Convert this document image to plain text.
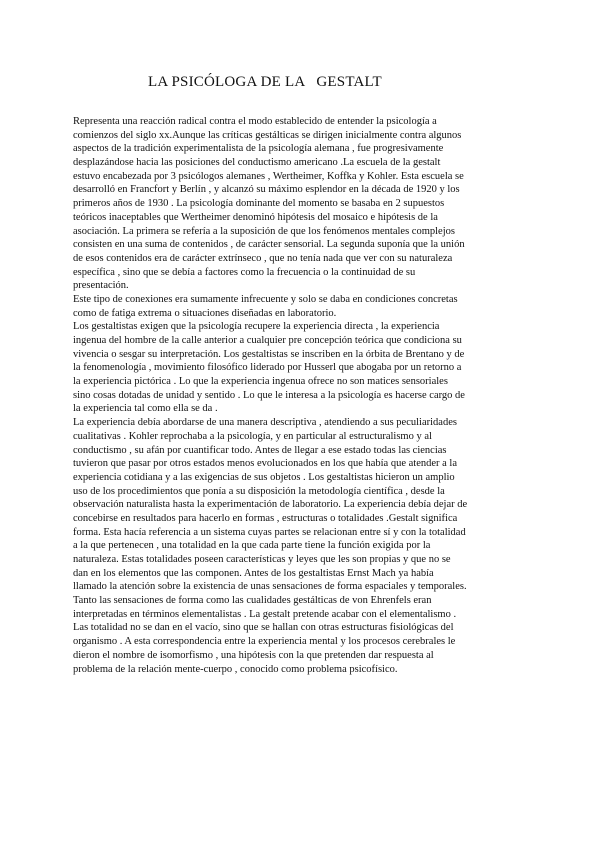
LA PSICÓLOGA DE LA   GESTALT
Representa una reacción radical contra el modo establecido de entender la psicología a
comienzos del siglo xx.Aunque las críticas gestálticas se dirigen inicialmente contra algunos
aspectos de la tradición experimentalista de la psicología alemana , fue progresivamente
desplazándose hacia las posiciones del conductismo americano .La escuela de la gestalt
estuvo encabezada por 3 psicólogos alemanes , Wertheimer, Koffka y Kohler. Esta escuela se
desarrolló en Francfort y Berlín , y alcanzó su máximo esplendor en la década de 1920 y los
primeros años de 1930 . La psicología dominante del momento se basaba en 2 supuestos
teóricos inaceptables que Wertheimer denominó hipótesis del mosaico e hipótesis de la
asociación. La primera se refería a la suposición de que los fenómenos mentales complejos
consisten en una suma de contenidos , de carácter sensorial. La segunda suponía que la unión
de esos contenidos era de carácter extrínseco , que no tenía nada que ver con su naturaleza
específica , sino que se debía a factores como la frecuencia o la continuidad de su
presentación.
Este tipo de conexiones era sumamente infrecuente y solo se daba en condiciones concretas
como de fatiga extrema o situaciones diseñadas en laboratorio.
Los gestaltistas exigen que la psicología recupere la experiencia directa , la experiencia
ingenua del hombre de la calle anterior a cualquier pre concepción teórica que condiciona su
vivencia o sesgar su interpretación. Los gestaltistas se inscriben en la órbita de Brentano y de
la fenomenología , movimiento filosófico liderado por Husserl que abogaba por un retorno a
la experiencia pictórica . Lo que la experiencia ingenua ofrece no son matices sensoriales
sino cosas dotadas de unidad y sentido . Lo que le interesa a la psicología es hacerse cargo de
la experiencia tal como ella se da .
La experiencia debía abordarse de una manera descriptiva , atendiendo a sus peculiaridades
cualitativas . Kohler reprochaba a la psicología, y en particular al estructuralismo y al
conductismo , su afán por cuantificar todo. Antes de llegar a ese estado todas las ciencias
tuvieron que pasar por otros estados menos evolucionados en los que había que atender a la
experiencia cotidiana y a las exigencias de sus objetos . Los gestaltistas hicieron un amplio
uso de los procedimientos que ponía a su disposición la metodología científica , desde la
observación naturalista hasta la experimentación de laboratorio. La experiencia debía dejar de
concebirse en resultados para hacerlo en formas , estructuras o totalidades .Gestalt significa
forma. Esta hacía referencia a un sistema cuyas partes se relacionan entre sí y con la totalidad
a la que pertenecen , una totalidad en la que cada parte tiene la función exigida por la
naturaleza. Estas totalidades poseen características y leyes que les son propias y que no se
dan en los elementos que las componen. Antes de los gestaltistas Ernst Mach ya había
llamado la atención sobre la existencia de unas sensaciones de forma espaciales y temporales.
Tanto las sensaciones de forma como las cualidades gestálticas de von Ehrenfels eran
interpretadas en términos elementalistas . La gestalt pretende acabar con el elementalismo .
Las totalidad no se dan en el vacío, sino que se hallan con otras estructuras fisiológicas del
organismo . A esta correspondencia entre la experiencia mental y los procesos cerebrales le
dieron el nombre de isomorfismo , una hipótesis con la que pretenden dar respuesta al
problema de la relación mente-cuerpo , conocido como problema psicofísico.
